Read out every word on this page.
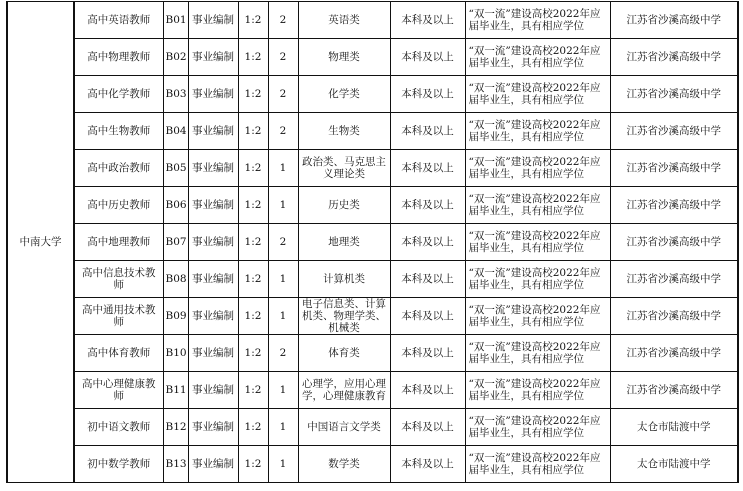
中南大学	高中英语教师	B01	事业编制	1:2	2	英语类	本科及以上	“双一流”建设高校2022年应届毕业生，具有相应学位	江苏省沙溪高级中学
	高中物理教师	B02	事业编制	1:2	2	物理类	本科及以上	“双一流”建设高校2022年应届毕业生，具有相应学位	江苏省沙溪高级中学
	高中化学教师	B03	事业编制	1:2	2	化学类	本科及以上	“双一流”建设高校2022年应届毕业生，具有相应学位	江苏省沙溪高级中学
	高中生物教师	B04	事业编制	1:2	2	生物类	本科及以上	“双一流”建设高校2022年应届毕业生，具有相应学位	江苏省沙溪高级中学
	高中政治教师	B05	事业编制	1:2	1	政治类、马克思主义理论类	本科及以上	“双一流”建设高校2022年应届毕业生，具有相应学位	江苏省沙溪高级中学
	高中历史教师	B06	事业编制	1:2	1	历史类	本科及以上	“双一流”建设高校2022年应届毕业生，具有相应学位	江苏省沙溪高级中学
	高中地理教师	B07	事业编制	1:2	2	地理类	本科及以上	“双一流”建设高校2022年应届毕业生，具有相应学位	江苏省沙溪高级中学
	高中信息技术教师	B08	事业编制	1:2	1	计算机类	本科及以上	“双一流”建设高校2022年应届毕业生，具有相应学位	江苏省沙溪高级中学
	高中通用技术教师	B09	事业编制	1:2	1	电子信息类、计算机类、物理学类、机械类	本科及以上	“双一流”建设高校2022年应届毕业生，具有相应学位	江苏省沙溪高级中学
	高中体育教师	B10	事业编制	1:2	2	体育类	本科及以上	“双一流”建设高校2022年应届毕业生，具有相应学位	江苏省沙溪高级中学
	高中心理健康教师	B11	事业编制	1:2	1	心理学，应用心理学，心理健康教育	本科及以上	“双一流”建设高校2022年应届毕业生，具有相应学位	江苏省沙溪高级中学
	初中语文教师	B12	事业编制	1:2	1	中国语言文学类	本科及以上	“双一流”建设高校2022年应届毕业生，具有相应学位	太仓市陆渡中学
	初中数学教师	B13	事业编制	1:2	1	数学类	本科及以上	“双一流”建设高校2022年应届毕业生，具有相应学位	太仓市陆渡中学
